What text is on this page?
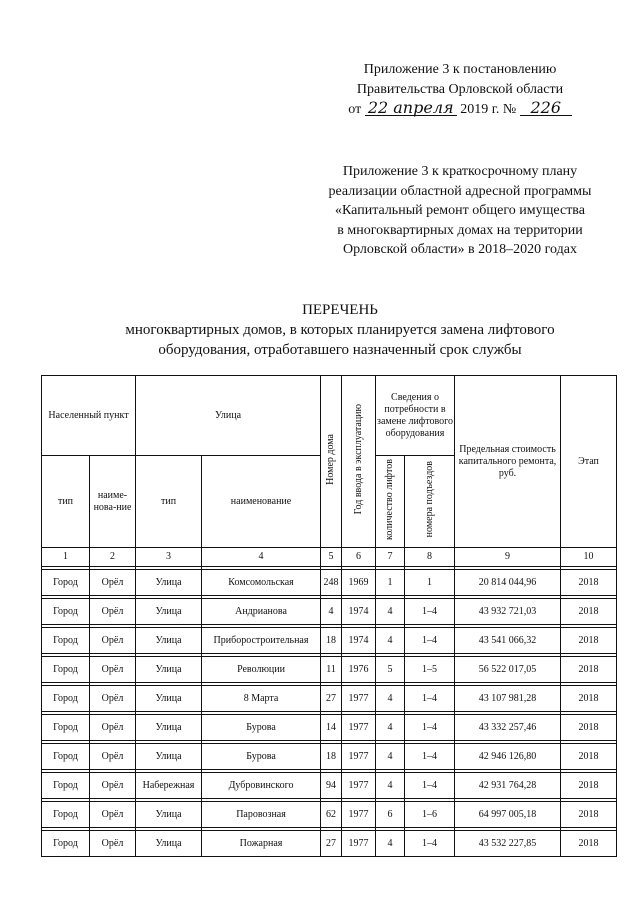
Приложение 3 к постановлению
Правительства Орловской области
от 22 апреля 2019 г. № 226
Приложение 3 к краткосрочному плану
реализации областной адресной программы
«Капитальный ремонт общего имущества
в многоквартирных домах на территории
Орловской области» в 2018–2020 годах
ПЕРЕЧЕНЬ
многоквартирных домов, в которых планируется замена лифтового
оборудования, отработавшего назначенный срок службы
Населенный пункт		Улица		Номер дома	Год ввода в эксплуатацию	Сведения о потребности в замене лифтового оборудования		Предельная стоимость капитального ремонта, руб.	Этап
тип	наиме-нова-ние	тип	наименование			количество лифтов	номера подъездов		
1	2	3	4	5	6	7	8	9	10

Город	Орёл	Улица	Комсомольская	248	1969	1	1	20 814 044,96	2018

Город	Орёл	Улица	Андрианова	4	1974	4	1–4	43 932 721,03	2018

Город	Орёл	Улица	Приборостроительная	18	1974	4	1–4	43 541 066,32	2018

Город	Орёл	Улица	Революции	11	1976	5	1–5	56 522 017,05	2018

Город	Орёл	Улица	8 Марта	27	1977	4	1–4	43 107 981,28	2018

Город	Орёл	Улица	Бурова	14	1977	4	1–4	43 332 257,46	2018

Город	Орёл	Улица	Бурова	18	1977	4	1–4	42 946 126,80	2018

Город	Орёл	Набережная	Дубровинского	94	1977	4	1–4	42 931 764,28	2018

Город	Орёл	Улица	Паровозная	62	1977	6	1–6	64 997 005,18	2018

Город	Орёл	Улица	Пожарная	27	1977	4	1–4	43 532 227,85	2018
